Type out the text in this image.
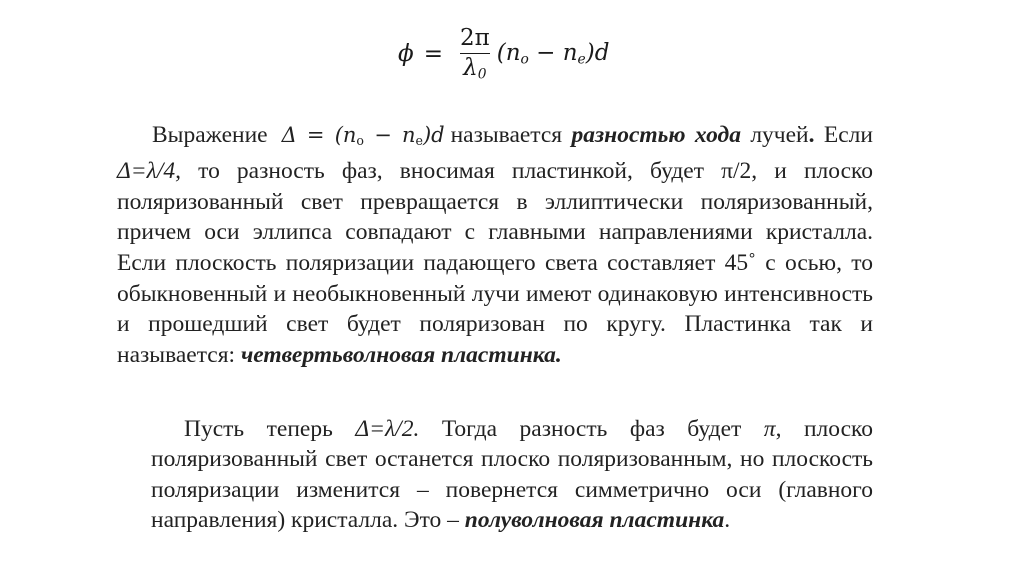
$\phi = \frac{2\pi}{\lambda_0} (n_o - n_e)d$

Выражение $\Delta = (n_o - n_e)d$ называется разностью хода лучей. Если Δ=λ/4, то разность фаз, вносимая пластинкой, будет π/2, и плоско поляризованный свет превращается в эллиптически поляризованный, причем оси эллипса совпадают с главными направлениями кристалла. Если плоскость поляризации падающего света составляет 45˚ с осью, то обыкновенный и необыкновенный лучи имеют одинаковую интенсивность и прошедший свет будет поляризован по кругу. Пластинка так и называется: четвертьволновая пластинка.

Пусть теперь Δ=λ/2. Тогда разность фаз будет π, плоско поляризованный свет останется плоско поляризованным, но плоскость поляризации изменится – повернется симметрично оси (главного направления) кристалла. Это – полуволновая пластинка.
